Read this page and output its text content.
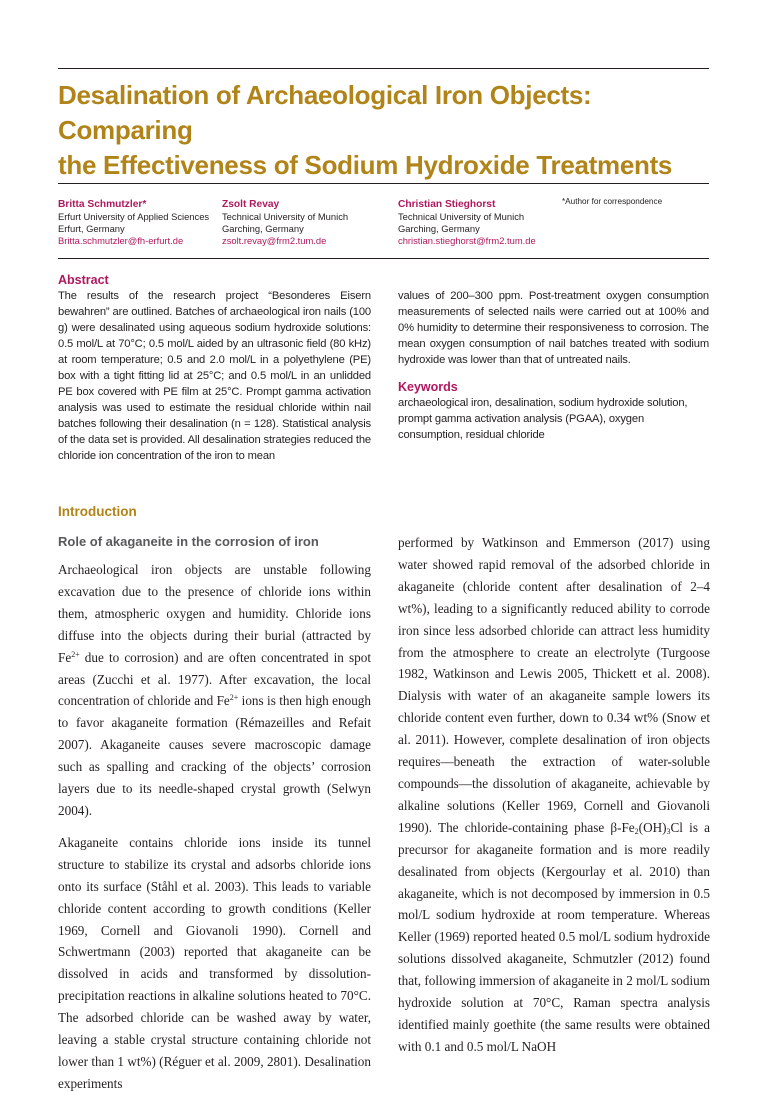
Desalination of Archaeological Iron Objects: Comparing
the Effectiveness of Sodium Hydroxide Treatments
Britta Schmutzler*
Erfurt University of Applied Sciences
Erfurt, Germany
Britta.schmutzler@fh-erfurt.de
Zsolt Revay
Technical University of Munich
Garching, Germany
zsolt.revay@frm2.tum.de
Christian Stieghorst
Technical University of Munich
Garching, Germany
christian.stieghorst@frm2.tum.de
*Author for correspondence
Abstract

The results of the research project “Besonderes Eisern bewahren” are outlined. Batches of archaeological iron nails (100 g) were desalinated using aqueous sodium hydroxide solutions: 0.5 mol/L at 70°C; 0.5 mol/L aided by an ultrasonic field (80 kHz) at room temperature; 0.5 and 2.0 mol/L in a polyethylene (PE) box with a tight fitting lid at 25°C; and 0.5 mol/L in an unlidded PE box covered with PE film at 25°C. Prompt gamma activation analysis was used to estimate the residual chloride within nail batches following their desalination (n = 128). Statistical analysis of the data set is provided. All desalination strategies reduced the chloride ion concentration of the iron to mean

values of 200–300 ppm. Post-treatment oxygen consumption measurements of selected nails were carried out at 100% and 0% humidity to determine their responsiveness to corrosion. The mean oxygen consumption of nail batches treated with sodium hydroxide was lower than that of untreated nails.

Keywords

archaeological iron, desalination, sodium hydroxide solution, prompt gamma activation analysis (PGAA), oxygen consumption, residual chloride

Introduction
Role of akaganeite in the corrosion of iron

Archaeological iron objects are unstable following excavation due to the presence of chloride ions within them, atmospheric oxygen and humidity. Chloride ions diffuse into the objects during their burial (attracted by $Fe^{2+}$ due to corrosion) and are often concentrated in spot areas (Zucchi et al. 1977). After excavation, the local concentration of chloride and $Fe^{2+}$ ions is then high enough to favor akaganeite formation (Rémazeilles and Refait 2007). Akaganeite causes severe macroscopic damage such as spalling and cracking of the objects’ corrosion layers due to its needle-shaped crystal growth (Selwyn 2004).

Akaganeite contains chloride ions inside its tunnel structure to stabilize its crystal and adsorbs chloride ions onto its surface (Ståhl et al. 2003). This leads to variable chloride content according to growth conditions (Keller 1969, Cornell and Giovanoli 1990). Cornell and Schwertmann (2003) reported that akaganeite can be dissolved in acids and transformed by dissolution-precipitation reactions in alkaline solutions heated to 70°C. The adsorbed chloride can be washed away by water, leaving a stable crystal structure containing chloride not lower than 1 wt%) (Réguer et al. 2009, 2801). Desalination experiments

performed by Watkinson and Emmerson (2017) using water showed rapid removal of the adsorbed chloride in akaganeite (chloride content after desalination of 2–4 wt%), leading to a significantly reduced ability to corrode iron since less adsorbed chloride can attract less humidity from the atmosphere to create an electrolyte (Turgoose 1982, Watkinson and Lewis 2005, Thickett et al. 2008). Dialysis with water of an akaganeite sample lowers its chloride content even further, down to 0.34 wt% (Snow et al. 2011). However, complete desalination of iron objects requires—beneath the extraction of water-soluble compounds—the dissolution of akaganeite, achievable by alkaline solutions (Keller 1969, Cornell and Giovanoli 1990). The chloride-containing phase $\beta-Fe_2(OH)_3Cl$ is a precursor for akaganeite formation and is more readily desalinated from objects (Kergourlay et al. 2010) than akaganeite, which is not decomposed by immersion in 0.5 mol/L sodium hydroxide at room temperature. Whereas Keller (1969) reported heated 0.5 mol/L sodium hydroxide solutions dissolved akaganeite, Schmutzler (2012) found that, following immersion of akaganeite in 2 mol/L sodium hydroxide solution at 70°C, Raman spectra analysis identified mainly goethite (the same results were obtained with 0.1 and 0.5 mol/L NaOH
